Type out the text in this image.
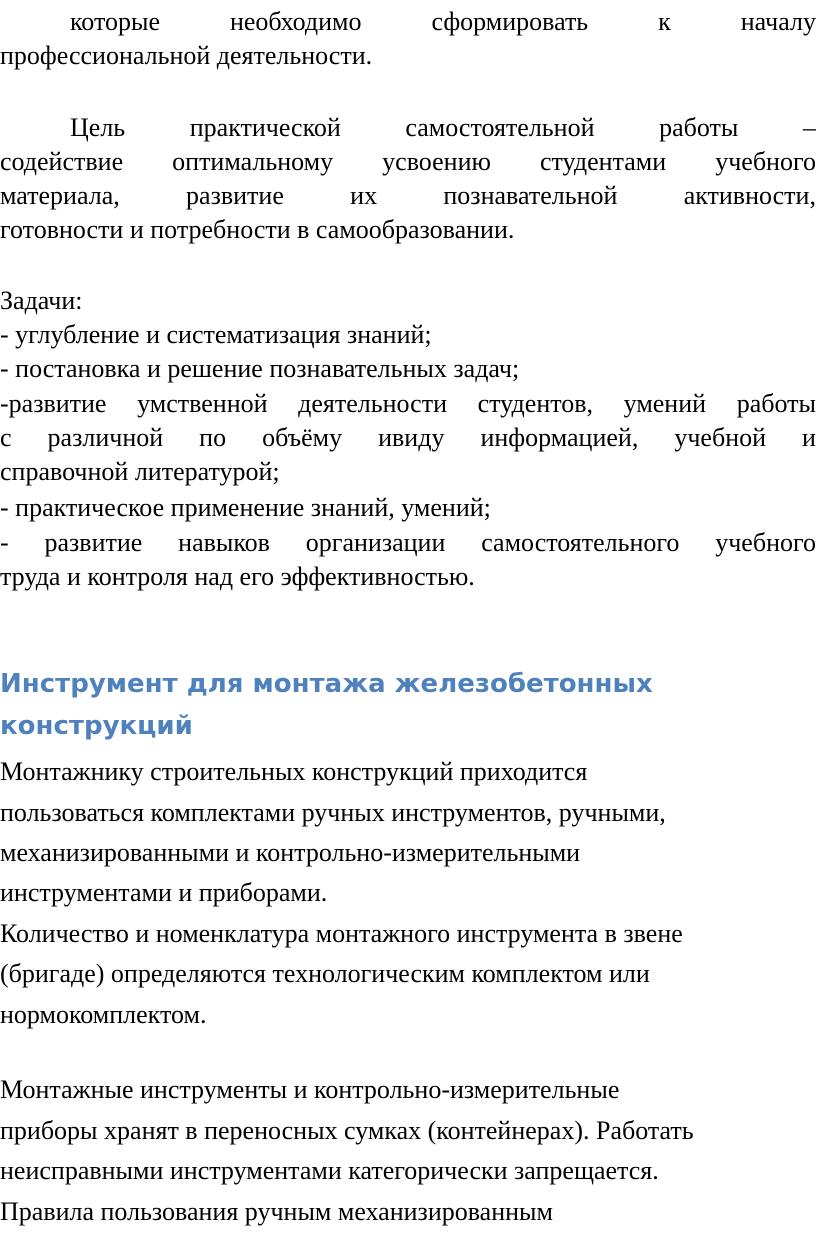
которые	необходимо	сформировать	к	началу
профессиональной деятельности.
Цель практической самостоятельной работы –
содействие оптимальному усвоению студентами учебного
материала,	развитие	их	познавательной	активности,
готовности и потребности в самообразовании.
Задачи:
- углубление и систематизация знаний;
- постановка и решение познавательных задач;
-развитие умственной деятельности студентов, умений работы
с различной по объёму ивиду информацией, учебной и
справочной литературой;
- практическое применение знаний, умений;
- развитие навыков организации самостоятельного учебного
труда и контроля над его эффективностью.
Инструмент для монтажа железобетонных
конструкций
Монтажнику строительных конструкций приходится
пользоваться комплектами ручных инструментов, ручными,
механизированными и контрольно-измерительными
инструментами и приборами.
Количество и номенклатура монтажного инструмента в звене
(бригаде) определяются технологическим комплектом или
нормокомплектом.
Монтажные инструменты и контрольно-измерительные
приборы хранят в переносных сумках (контейнерах). Работать
неисправными инструментами категорически запрещается.
Правила пользования ручным механизированным
